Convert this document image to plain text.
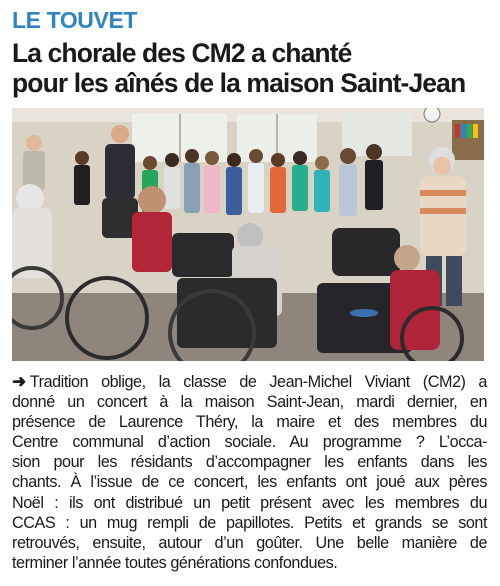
LE TOUVET
La chorale des CM2 a chanté
pour les aînés de la maison Saint-Jean
➜ Tradition oblige, la classe de Jean-Michel Viviant (CM2) a
donné un concert à la maison Saint-Jean, mardi dernier, en
présence de Laurence Théry, la maire et des membres du
Centre communal d’action sociale. Au programme ? L’occa-
sion pour les résidants d’accompagner les enfants dans les
chants. À l’issue de ce concert, les enfants ont joué aux pères
Noël : ils ont distribué un petit présent avec les membres du
CCAS : un mug rempli de papillotes. Petits et grands se sont
retrouvés, ensuite, autour d’un goûter. Une belle manière de
terminer l’année toutes générations confondues.
